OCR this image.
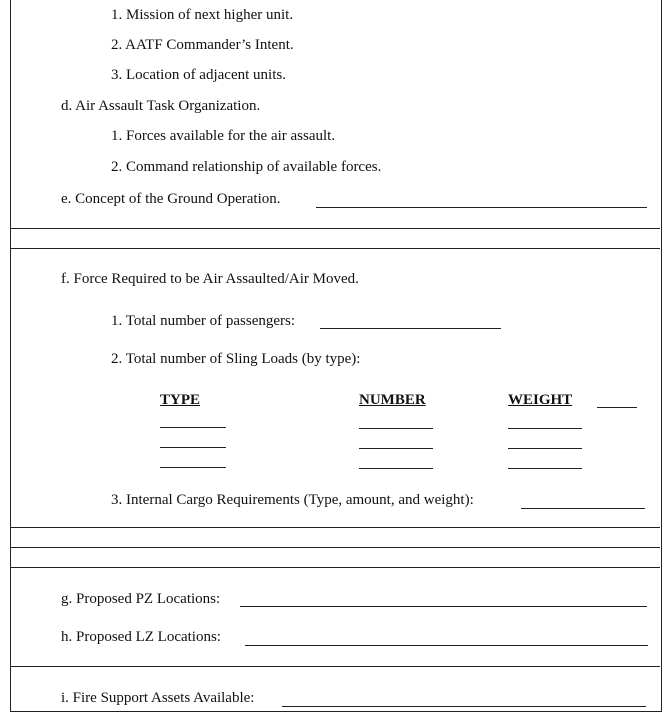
1. Mission of next higher unit.
2. AATF Commander’s Intent.
3. Location of adjacent units.
d. Air Assault Task Organization.
1. Forces available for the air assault.
2. Command relationship of available forces.
e. Concept of the Ground Operation.
f. Force Required to be Air Assaulted/Air Moved.
1. Total number of passengers:
2. Total number of Sling Loads (by type):
TYPE	NUMBER	WEIGHT
3. Internal Cargo Requirements (Type, amount, and weight):
g. Proposed PZ Locations:
h. Proposed LZ Locations:
i. Fire Support Assets Available:
